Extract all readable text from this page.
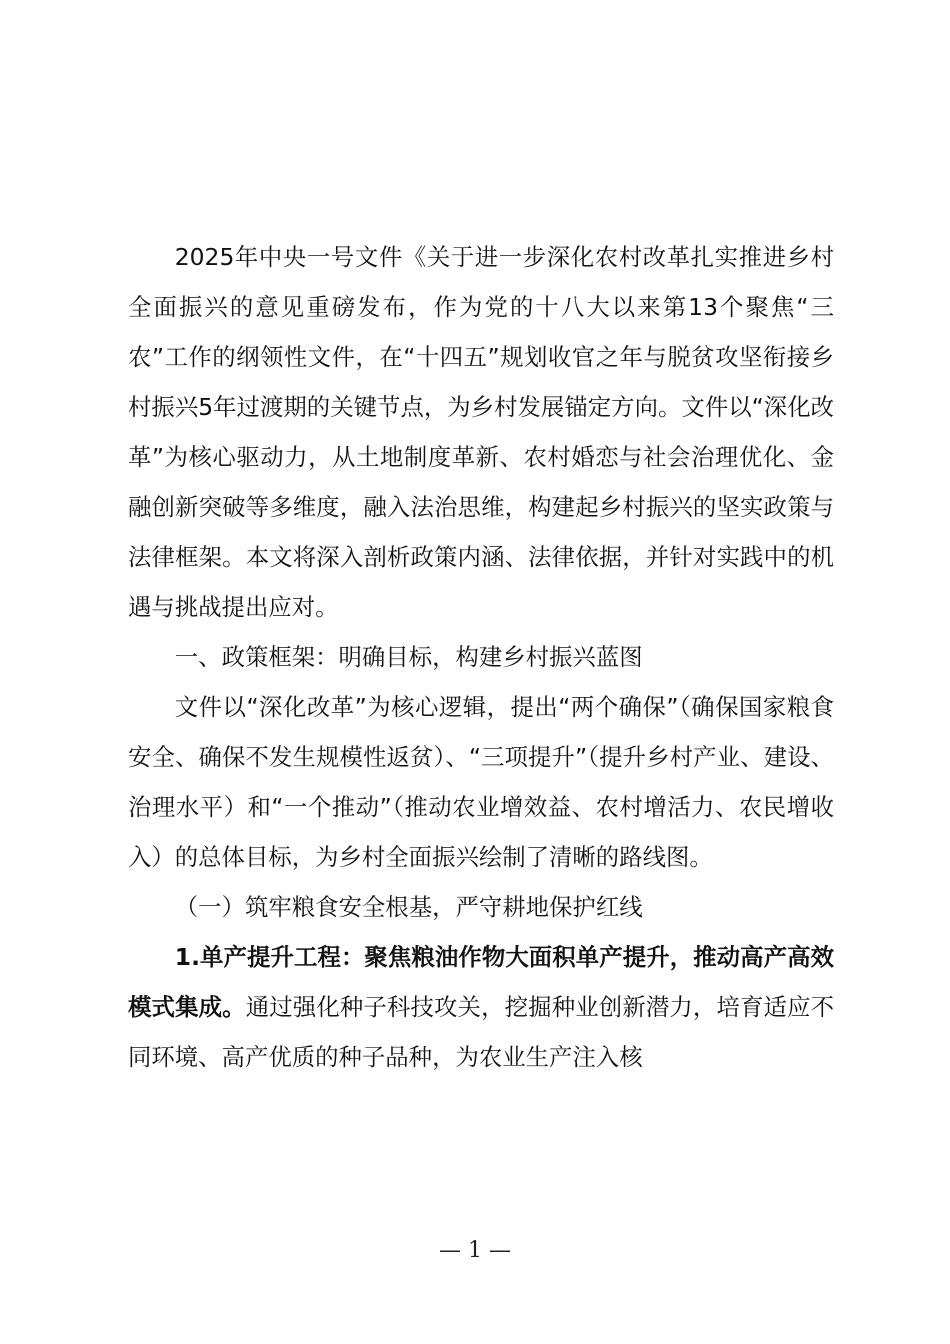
2025年中央一号文件《关于进一步深化农村改革扎实推进乡村全面振兴的意见重磅发布，作为党的十八大以来第13个聚焦“三农”工作的纲领性文件，在“十四五”规划收官之年与脱贫攻坚衔接乡村振兴5年过渡期的关键节点，为乡村发展锚定方向。文件以“深化改革”为核心驱动力，从土地制度革新、农村婚恋与社会治理优化、金融创新突破等多维度，融入法治思维，构建起乡村振兴的坚实政策与法律框架。本文将深入剖析政策内涵、法律依据，并针对实践中的机遇与挑战提出应对。

一、政策框架：明确目标，构建乡村振兴蓝图

文件以“深化改革”为核心逻辑，提出“两个确保”（确保国家粮食安全、确保不发生规模性返贫）、“三项提升”（提升乡村产业、建设、治理水平）和“一个推动”（推动农业增效益、农村增活力、农民增收入）的总体目标，为乡村全面振兴绘制了清晰的路线图。

（一）筑牢粮食安全根基，严守耕地保护红线

1.单产提升工程：聚焦粮油作物大面积单产提升，推动高产高效模式集成。通过强化种子科技攻关，挖掘种业创新潜力，培育适应不同环境、高产优质的种子品种，为农业生产注入核

— 1 —
